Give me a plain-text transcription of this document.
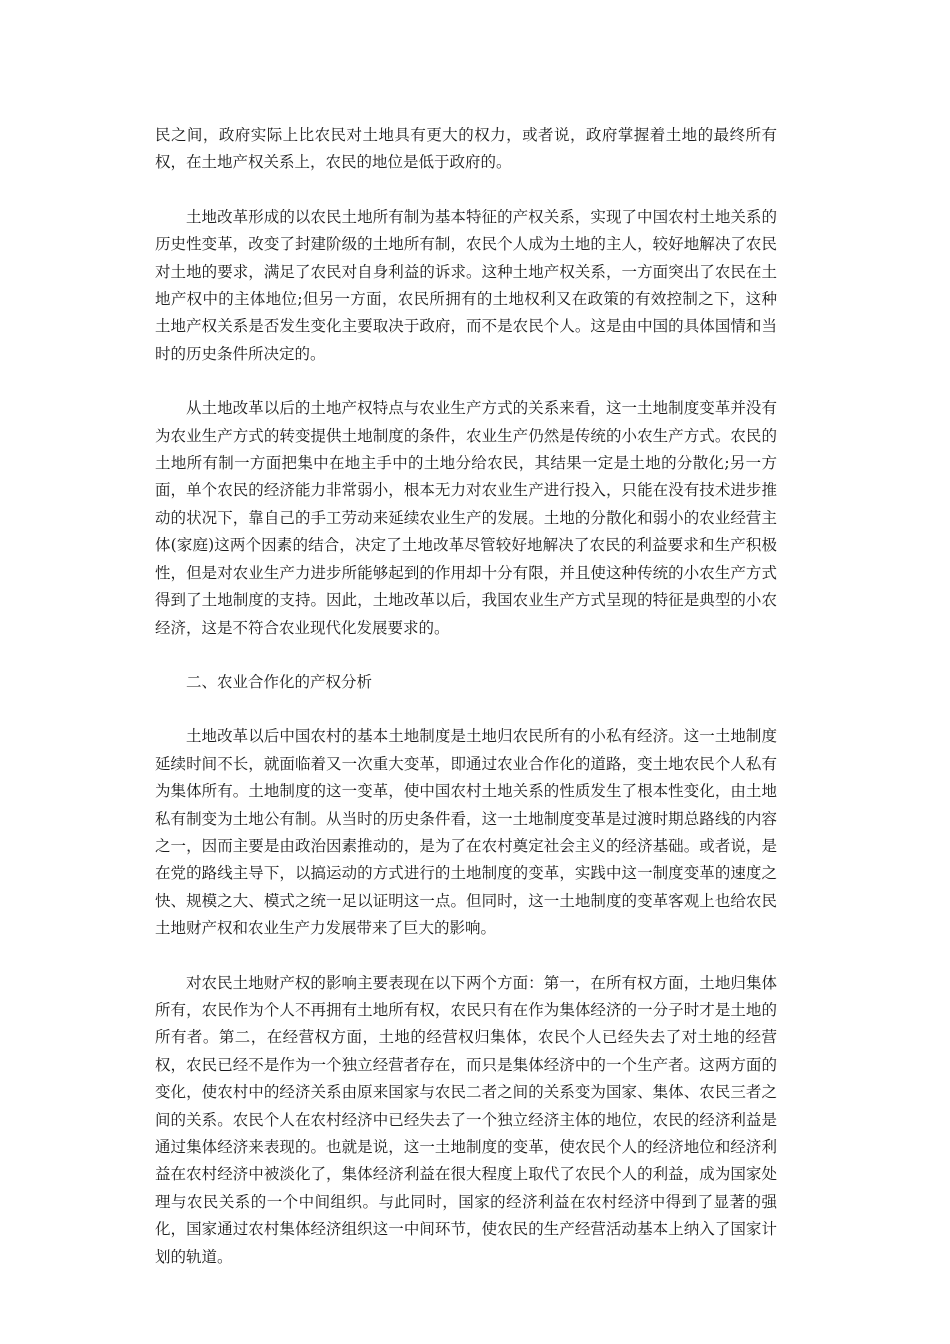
民之间，政府实际上比农民对土地具有更大的权力，或者说，政府掌握着土地的最终所有权，在土地产权关系上，农民的地位是低于政府的。

土地改革形成的以农民土地所有制为基本特征的产权关系，实现了中国农村土地关系的历史性变革，改变了封建阶级的土地所有制，农民个人成为土地的主人，较好地解决了农民对土地的要求，满足了农民对自身利益的诉求。这种土地产权关系，一方面突出了农民在土地产权中的主体地位;但另一方面，农民所拥有的土地权利又在政策的有效控制之下，这种土地产权关系是否发生变化主要取决于政府，而不是农民个人。这是由中国的具体国情和当时的历史条件所决定的。

从土地改革以后的土地产权特点与农业生产方式的关系来看，这一土地制度变革并没有为农业生产方式的转变提供土地制度的条件，农业生产仍然是传统的小农生产方式。农民的土地所有制一方面把集中在地主手中的土地分给农民，其结果一定是土地的分散化;另一方面，单个农民的经济能力非常弱小，根本无力对农业生产进行投入，只能在没有技术进步推动的状况下，靠自己的手工劳动来延续农业生产的发展。土地的分散化和弱小的农业经营主体(家庭)这两个因素的结合，决定了土地改革尽管较好地解决了农民的利益要求和生产积极性，但是对农业生产力进步所能够起到的作用却十分有限，并且使这种传统的小农生产方式得到了土地制度的支持。因此，土地改革以后，我国农业生产方式呈现的特征是典型的小农经济，这是不符合农业现代化发展要求的。

二、农业合作化的产权分析

土地改革以后中国农村的基本土地制度是土地归农民所有的小私有经济。这一土地制度延续时间不长，就面临着又一次重大变革，即通过农业合作化的道路，变土地农民个人私有为集体所有。土地制度的这一变革，使中国农村土地关系的性质发生了根本性变化，由土地私有制变为土地公有制。从当时的历史条件看，这一土地制度变革是过渡时期总路线的内容之一，因而主要是由政治因素推动的，是为了在农村奠定社会主义的经济基础。或者说，是在党的路线主导下，以搞运动的方式进行的土地制度的变革，实践中这一制度变革的速度之快、规模之大、模式之统一足以证明这一点。但同时，这一土地制度的变革客观上也给农民土地财产权和农业生产力发展带来了巨大的影响。

对农民土地财产权的影响主要表现在以下两个方面：第一，在所有权方面，土地归集体所有，农民作为个人不再拥有土地所有权，农民只有在作为集体经济的一分子时才是土地的所有者。第二，在经营权方面，土地的经营权归集体，农民个人已经失去了对土地的经营权，农民已经不是作为一个独立经营者存在，而只是集体经济中的一个生产者。这两方面的变化，使农村中的经济关系由原来国家与农民二者之间的关系变为国家、集体、农民三者之间的关系。农民个人在农村经济中已经失去了一个独立经济主体的地位，农民的经济利益是通过集体经济来表现的。也就是说，这一土地制度的变革，使农民个人的经济地位和经济利益在农村经济中被淡化了，集体经济利益在很大程度上取代了农民个人的利益，成为国家处理与农民关系的一个中间组织。与此同时，国家的经济利益在农村经济中得到了显著的强化，国家通过农村集体经济组织这一中间环节，使农民的生产经营活动基本上纳入了国家计划的轨道。
